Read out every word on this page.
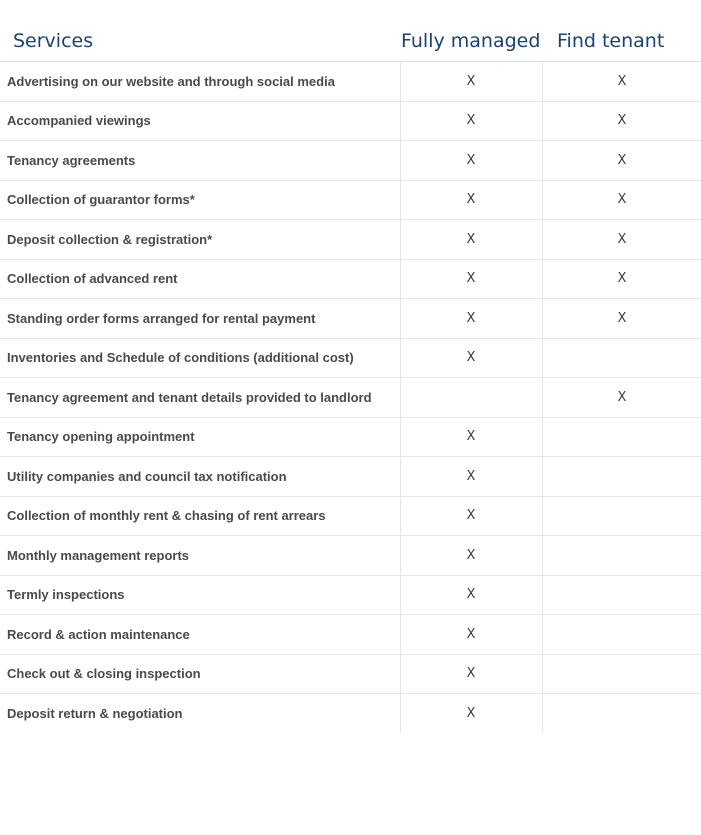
Services	Fully managed Find tenant
Advertising on our website and through social media	X	X
Accompanied viewings	X	X
Tenancy agreements	X	X
Collection of guarantor forms*	X	X
Deposit collection & registration*	X	X
Collection of advanced rent	X	X
Standing order forms arranged for rental payment	X	X
Inventories and Schedule of conditions (additional cost)	X	
Tenancy agreement and tenant details provided to landlord		X
Tenancy opening appointment	X	
Utility companies and council tax notification	X	
Collection of monthly rent & chasing of rent arrears	X	
Monthly management reports	X	
Termly inspections	X	
Record & action maintenance	X	
Check out & closing inspection	X	
Deposit return & negotiation	X	
